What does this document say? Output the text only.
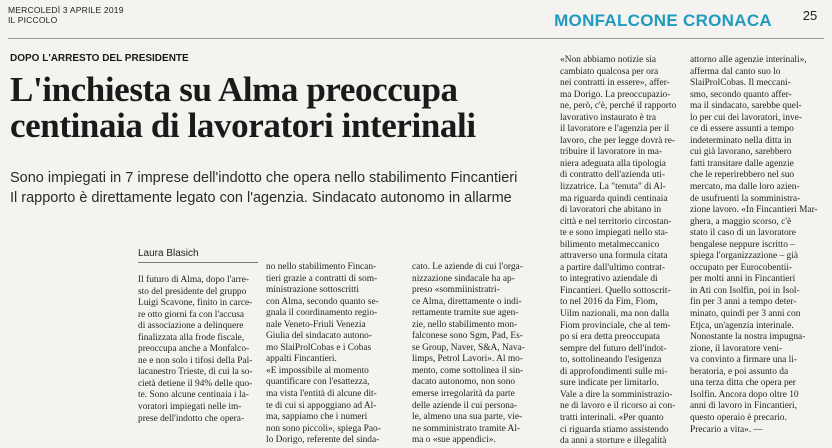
MERCOLEDÌ 3 APRILE 2019
IL PICCOLO	MONFALCONE CRONACA	25
DOPO L'ARRESTO DEL PRESIDENTE
L'inchiesta su Alma preoccupa
centinaia di lavoratori interinali
Sono impiegati in 7 imprese dell'indotto che opera nello stabilimento Fincantieri
Il rapporto è direttamente legato con l'agenzia. Sindacato autonomo in allarme
Laura Blasich
Il futuro di Alma, dopo l'arre-
sto del presidente del gruppo
Luigi Scavone, finito in carce-
re otto giorni fa con l'accusa
di associazione a delinquere
finalizzata alla frode fiscale,
preoccupa anche a Monfalco-
ne e non solo i tifosi della Pal-
lacanestro Trieste, di cui la so-
cietà detiene il 94% delle quo-
te. Sono alcune centinaia i la-
voratori impiegati nelle im-
prese dell'indotto che opera-
no nello stabilimento Fincan-
tieri grazie a contratti di som-
ministrazione sottoscritti
con Alma, secondo quanto se-
gnala il coordinamento regio-
nale Veneto-Friuli Venezia
Giulia del sindacato autono-
mo SlaiProlCobas e i Cobas
appalti Fincantieri.
«È impossibile al momento
quantificare con l'esattezza,
ma vista l'entità di alcune dit-
te di cui si appoggiano ad Al-
ma, sappiamo che i numeri
non sono piccoli», spiega Pao-
lo Dorigo, referente del sinda-
cato. Le aziende di cui l'orga-
nizzazione sindacale ha ap-
preso «sommiinistratri-
ce Alma, direttamente o indi-
rettamente tramite sue agen-
zie, nello stabilimento mon-
falconese sono Sgm, Pad, Es-
se Group, Naver, S&A, Nava-
limps, Petrol Lavori». Al mo-
mento, come sottolinea il sin-
dacato autonomo, non sono
emerse irregolarità da parte
delle aziende il cui persona-
le, almeno una sua parte, vie-
ne somministrato tramite Al-
ma o «sue appendici».
«Non abbiamo notizie sia
cambiato qualcosa per ora
nei contratti in essere», affer-
ma Dorigo. La preoccupazio-
ne, però, c'è, perché il rapporto
lavorativo instaurato è tra
il lavoratore e l'agenzia per il
lavoro, che per legge dovrà re-
tribuire il lavoratore in ma-
niera adeguata alla tipologia
di contratto dell'azienda uti-
lizzatrice. La "tenuta" di Al-
ma riguarda quindi centinaia
di lavoratori che abitano in
città e nel territorio circostan-
te e sono impiegati nello sta-
bilimento metalmeccanico
attraverso una formula citata
a partire dall'ultimo contrat-
to integrativo aziendale di
Fincantieri. Quello sottoscrit-
to nel 2016 da Fim, Fiom,
Uilm nazionali, ma non dalla
Fiom provinciale, che al tem-
po si era detta preoccupata
sempre del futuro dell'indot-
to, sottolineando l'esigenza
di approfondimenti sulle mi-
sure indicate per limitarlo.
Vale a dire la somministrazio-
ne di lavoro e il ricorso ai con-
tratti interinali. «Per quanto
ci riguarda stiamo assistendo
da anni a storture e illegalità
attorno alle agenzie interinali»,
afferma dal canto suo lo
SlaiProlCobas. Il meccani-
smo, secondo quanto affer-
ma il sindacato, sarebbe quel-
lo per cui dei lavoratori, inve-
ce di essere assunti a tempo
indeterminato nella ditta in
cui già lavorano, sarebbero
fatti transitare dalle agenzie
che le reperirebbero nel suo
mercato, ma dalle loro azien-
de usufruenti la somministra-
zione lavoro. «In Fincantieri Mar-
ghera, a maggio scorso, c'è
stato il caso di un lavoratore
bengalese neppure iscritto –
spiega l'organizzazione – già
occupato per Eurocobentii-
per molti anni in Fincantieri
in Ati con Isolfin, poi in Isol-
fin per 3 anni a tempo deter-
minato, quindi per 3 anni con
Etjca, un'agenzia interinale.
Nonostante la nostra impugna-
zione, il lavoratore veni-
va convinto a firmare una li-
beratoria, e poi assunto da
una terza ditta che opera per
Isolfin. Ancora dopo oltre 10
anni di lavoro in Fincantieri,
questo operaio è precario.
Precario a vita». —
